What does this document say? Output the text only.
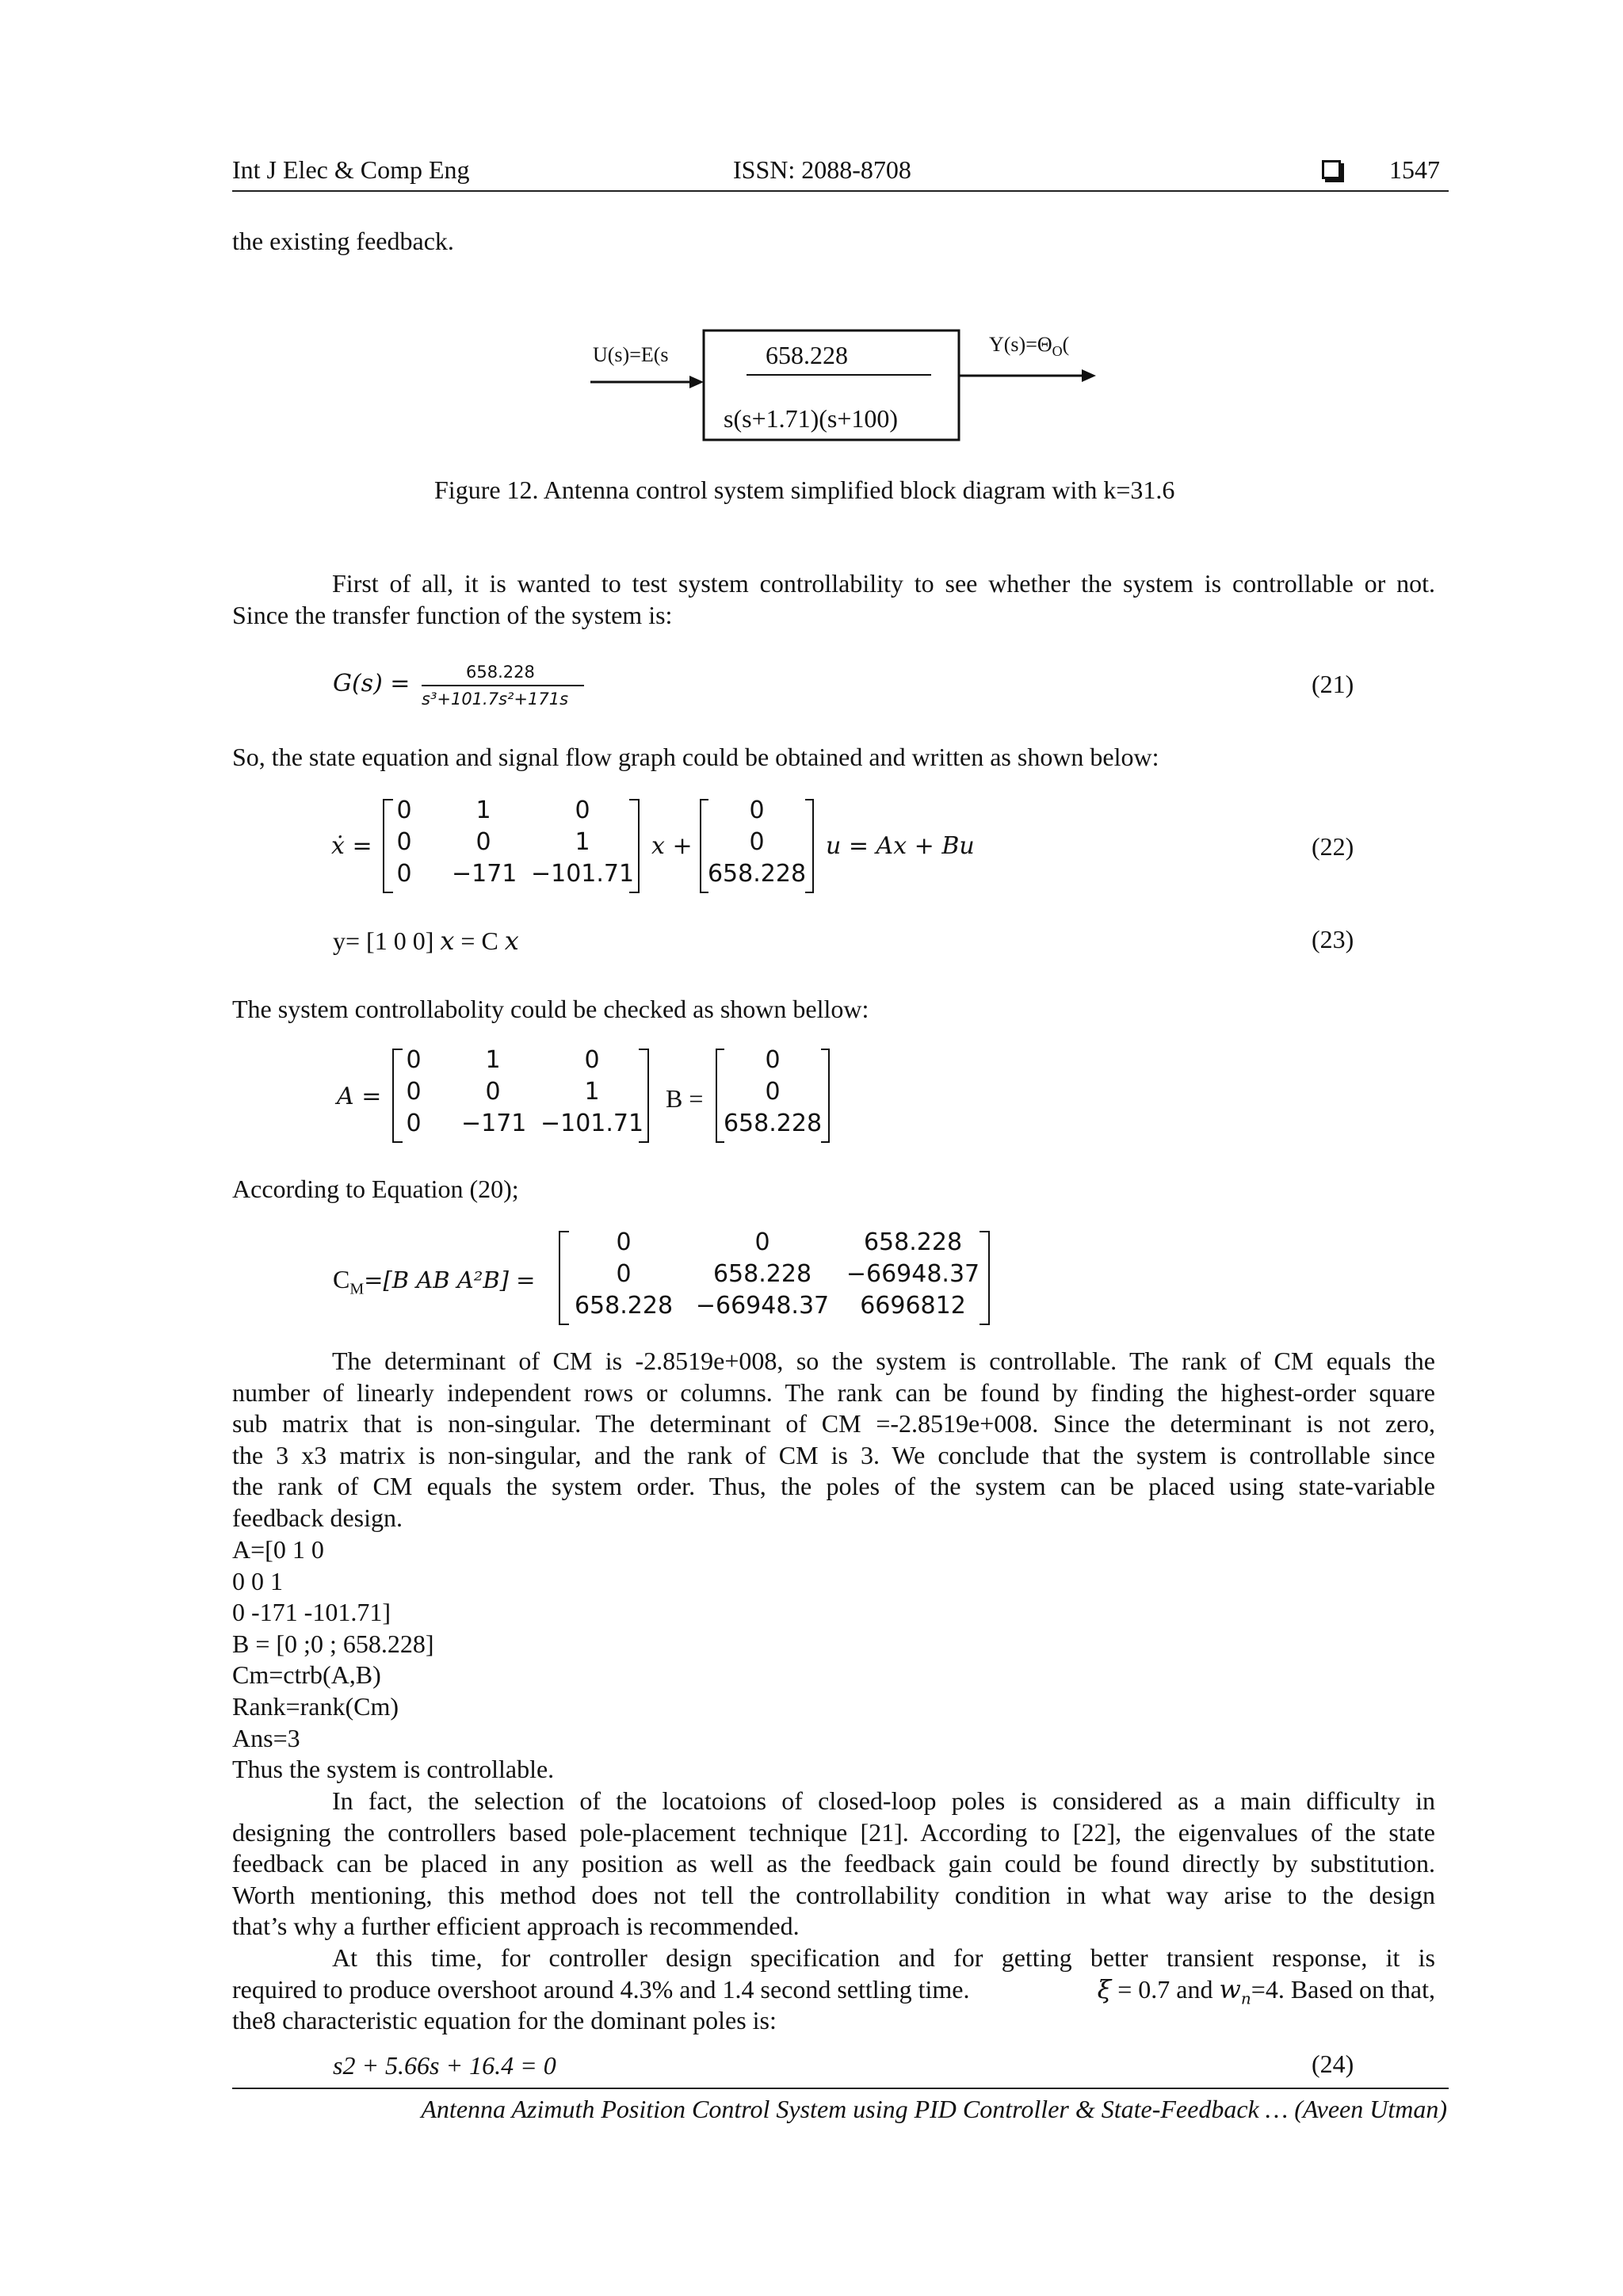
Int J Elec & Comp Eng	ISSN: 2088-8708	1547
the existing feedback.
U(s)=E(s	$Y(s)=\Theta_O$(
658.228
s(s+1.71)(s+100)
Figure 12. Antenna control system simplified block diagram with k=31.6
First of all, it is wanted to test system controllability to see whether the system is controllable or not.
Since the transfer function of the system is:
G(s) =	658.228
s³+101.7s²+171s
(21)
So, the state equation and signal flow graph could be obtained and written as shown below:
ẋ =
0	1	0
0	0	1
0	−171 −101.71
x +
0
0
658.228
u = Ax + Bu	(22)
y= [1 0 0] x = C x	(23)
The system controllabolity could be checked as shown bellow:
A =
0	1	0
0	0	1
0	−171 −101.71
B =
0
0
658.228
According to Equation (20);
$C_M=[B$ AB A²B] =
0	0	658.228
0	658.228	−66948.37
658.228 −66948.37	6696812
The determinant of CM is -2.8519e+008, so the system is controllable. The rank of CM equals the
number of linearly independent rows or columns. The rank can be found by finding the highest-order square
sub matrix that is non-singular. The determinant of CM =-2.8519e+008. Since the determinant is not zero,
the 3 x3 matrix is non-singular, and the rank of CM is 3. We conclude that the system is controllable since
the rank of CM equals the system order. Thus, the poles of the system can be placed using state-variable
feedback design.
A=[0 1 0
0 0 1
0 -171 -101.71]
B = [0 ;0 ; 658.228]
Cm=ctrb(A,B)
Rank=rank(Cm)
Ans=3
Thus the system is controllable.
In fact, the selection of the locatoions of closed-loop poles is considered as a main difficulty in
designing the controllers based pole-placement technique [21]. According to [22], the eigenvalues of the state
feedback can be placed in any position as well as the feedback gain could be found directly by substitution.
Worth mentioning, this method does not tell the controllability condition in what way arise to the design
that’s why a further efficient approach is recommended.
At this time, for controller design specification and for getting better transient response, it is
required to produce overshoot around 4.3% and 1.4 second settling time.	ξ = 0.7 and $w_n=4$. Based on that,
the8 characteristic equation for the dominant poles is:
s2 + 5.66s + 16.4 = 0	(24)
Antenna Azimuth Position Control System using PID Controller & State-Feedback … (Aveen Utman)
